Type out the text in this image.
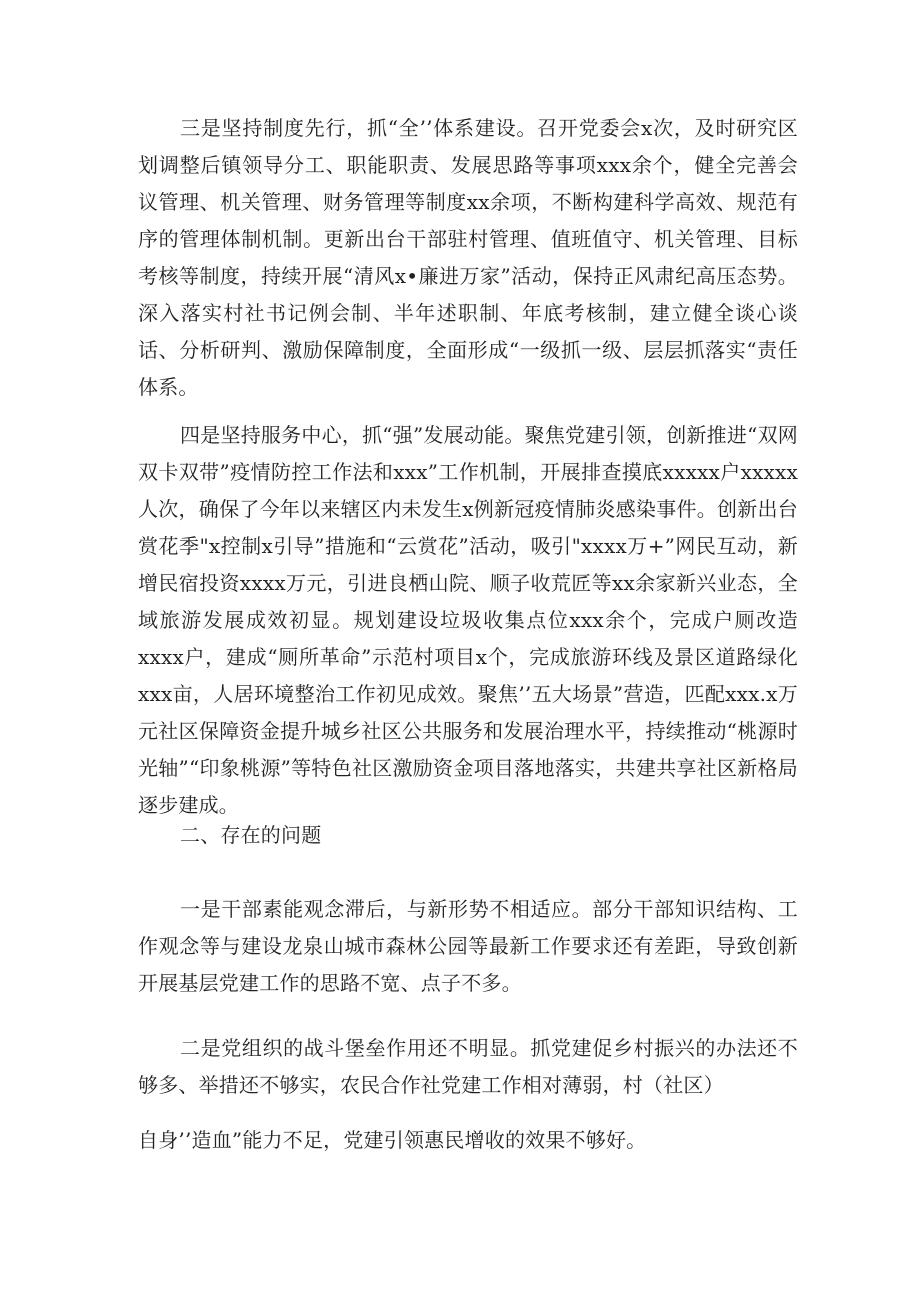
三是坚持制度先行，抓“全’’体系建设。召开党委会x次，及时研究区划调整后镇领导分工、职能职责、发展思路等事项xxx余个，健全完善会议管理、机关管理、财务管理等制度xx余项，不断构建科学高效、规范有序的管理体制机制。更新出台干部驻村管理、值班值守、机关管理、目标考核等制度，持续开展“清风x•廉进万家”活动，保持正风肃纪高压态势。深入落实村社书记例会制、半年述职制、年底考核制，建立健全谈心谈话、分析研判、激励保障制度，全面形成“一级抓一级、层层抓落实“责任体系。

四是坚持服务中心，抓“强”发展动能。聚焦党建引领，创新推进“双网双卡双带”疫情防控工作法和xxx”工作机制，开展排查摸底xxxxx户xxxxx人次，确保了今年以来辖区内未发生x例新冠疫情肺炎感染事件。创新出台赏花季"x控制x引导”措施和“云赏花”活动，吸引"xxxx万+”网民互动，新增民宿投资xxxx万元，引进良栖山院、顺子收荒匠等xx余家新兴业态，全域旅游发展成效初显。规划建设垃圾收集点位xxx余个，完成户厕改造xxxx户，建成“厕所革命”示范村项目x个，完成旅游环线及景区道路绿化xxx亩，人居环境整治工作初见成效。聚焦’’五大场景”营造，匹配xxx.x万元社区保障资金提升城乡社区公共服务和发展治理水平，持续推动“桃源时光轴”“印象桃源”等特色社区激励资金项目落地落实，共建共享社区新格局逐步建成。

二、存在的问题

一是干部素能观念滞后，与新形势不相适应。部分干部知识结构、工作观念等与建设龙泉山城市森林公园等最新工作要求还有差距，导致创新开展基层党建工作的思路不宽、点子不多。

二是党组织的战斗堡垒作用还不明显。抓党建促乡村振兴的办法还不够多、举措还不够实，农民合作社党建工作相对薄弱，村（社区）

自身’’造血”能力不足，党建引领惠民增收的效果不够好。
